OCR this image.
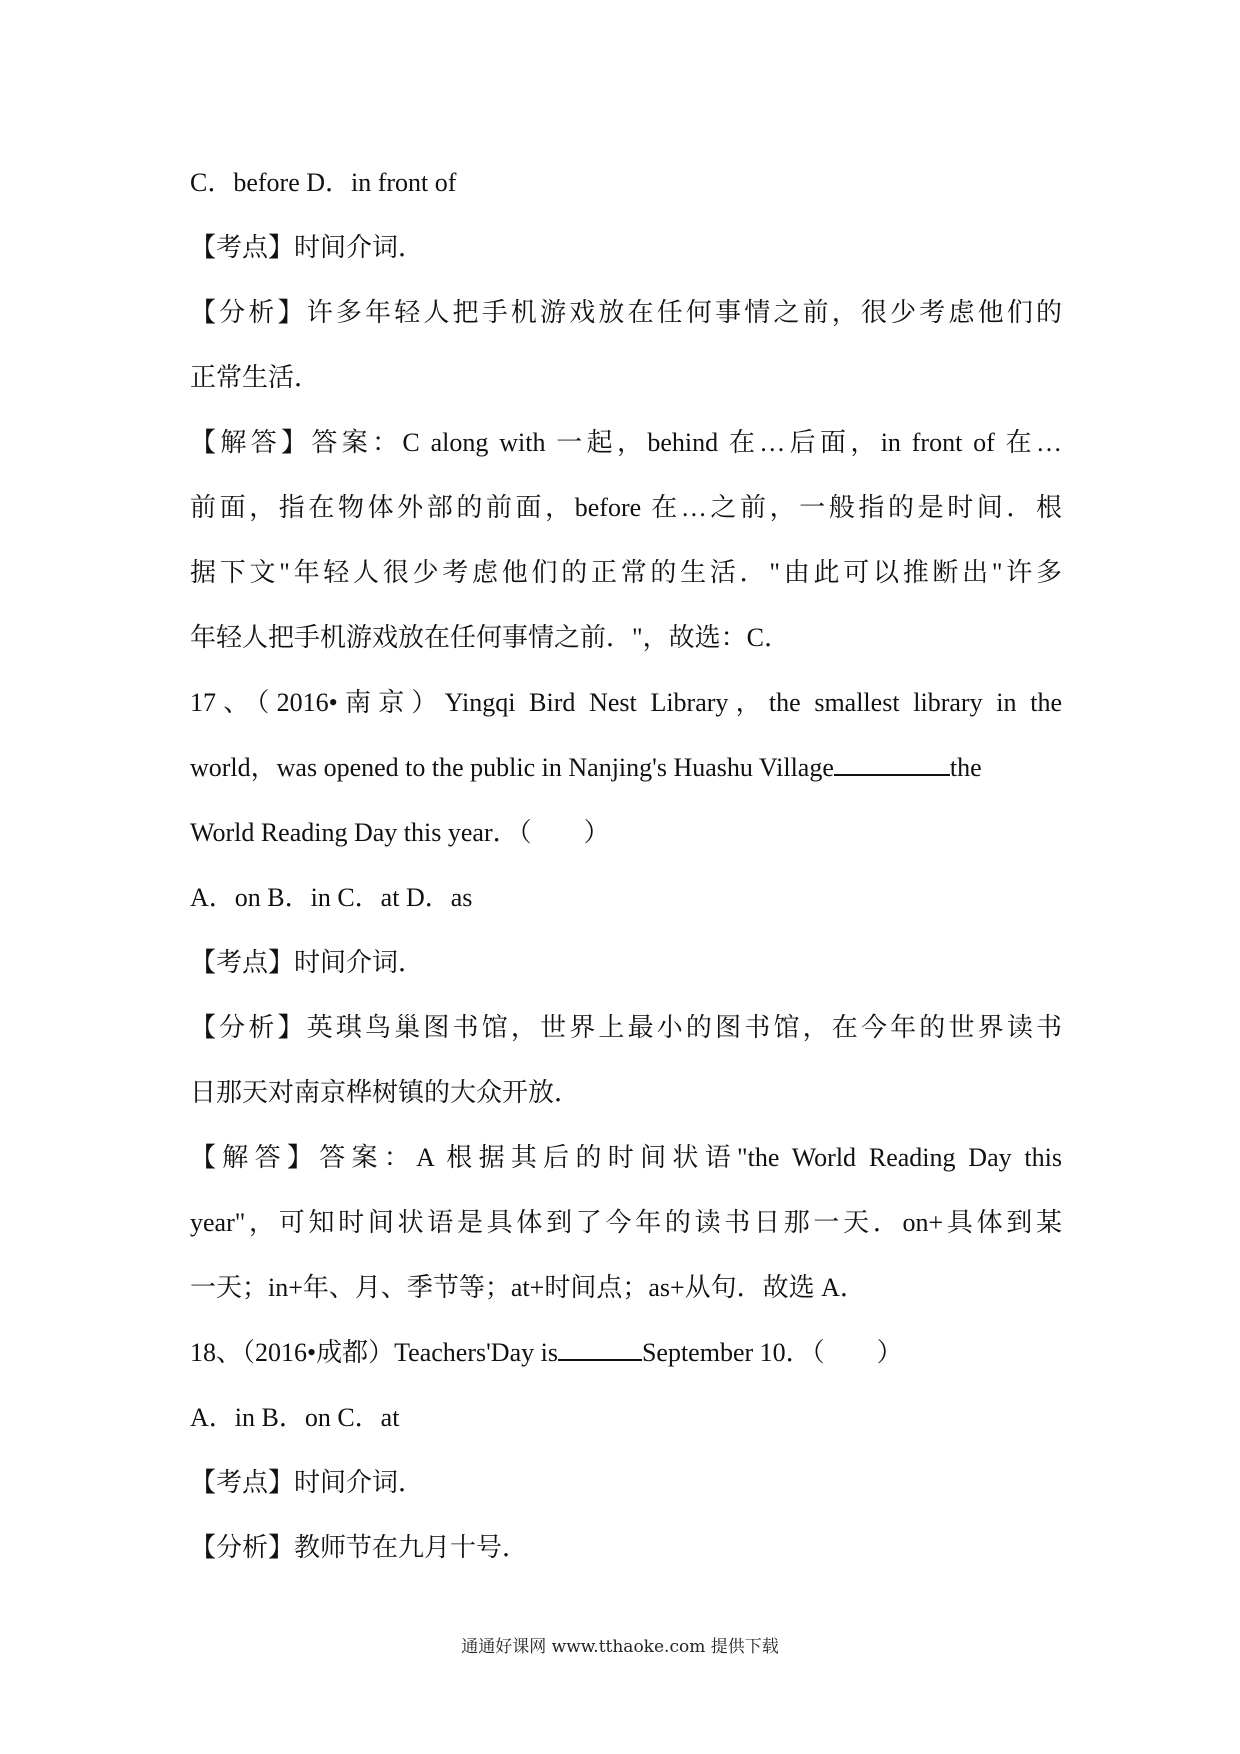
C．before D．in front of
【考点】时间介词．
【分析】许多年轻人把手机游戏放在任何事情之前，很少考虑他们的
正常生活．
【解答】答案：C along with 一起，behind 在…后面，in front of 在…
前面，指在物体外部的前面，before 在…之前，一般指的是时间．根
据下文"年轻人很少考虑他们的正常的生活．"由此可以推断出"许多
年轻人把手机游戏放在任何事情之前．"，故选：C．
17、（2016•南京）Yingqi Bird Nest Library，the smallest library in the
world，was opened to the public in Nanjing's Huashu Village	the
World Reading Day this year．（　　）
A．on B．in C．at D．as
【考点】时间介词．
【分析】英琪鸟巢图书馆，世界上最小的图书馆，在今年的世界读书
日那天对南京桦树镇的大众开放．
【解答】答案：A 根据其后的时间状语"the World Reading Day this
year"，可知时间状语是具体到了今年的读书日那一天．on+具体到某
一天；in+年、月、季节等；at+时间点；as+从句．故选 A．
18、（2016•成都）Teachers'Day is	September 10．（　　）
A．in B．on C．at
【考点】时间介词．
【分析】教师节在九月十号．
通通好课网 www.tthaoke.com 提供下载
